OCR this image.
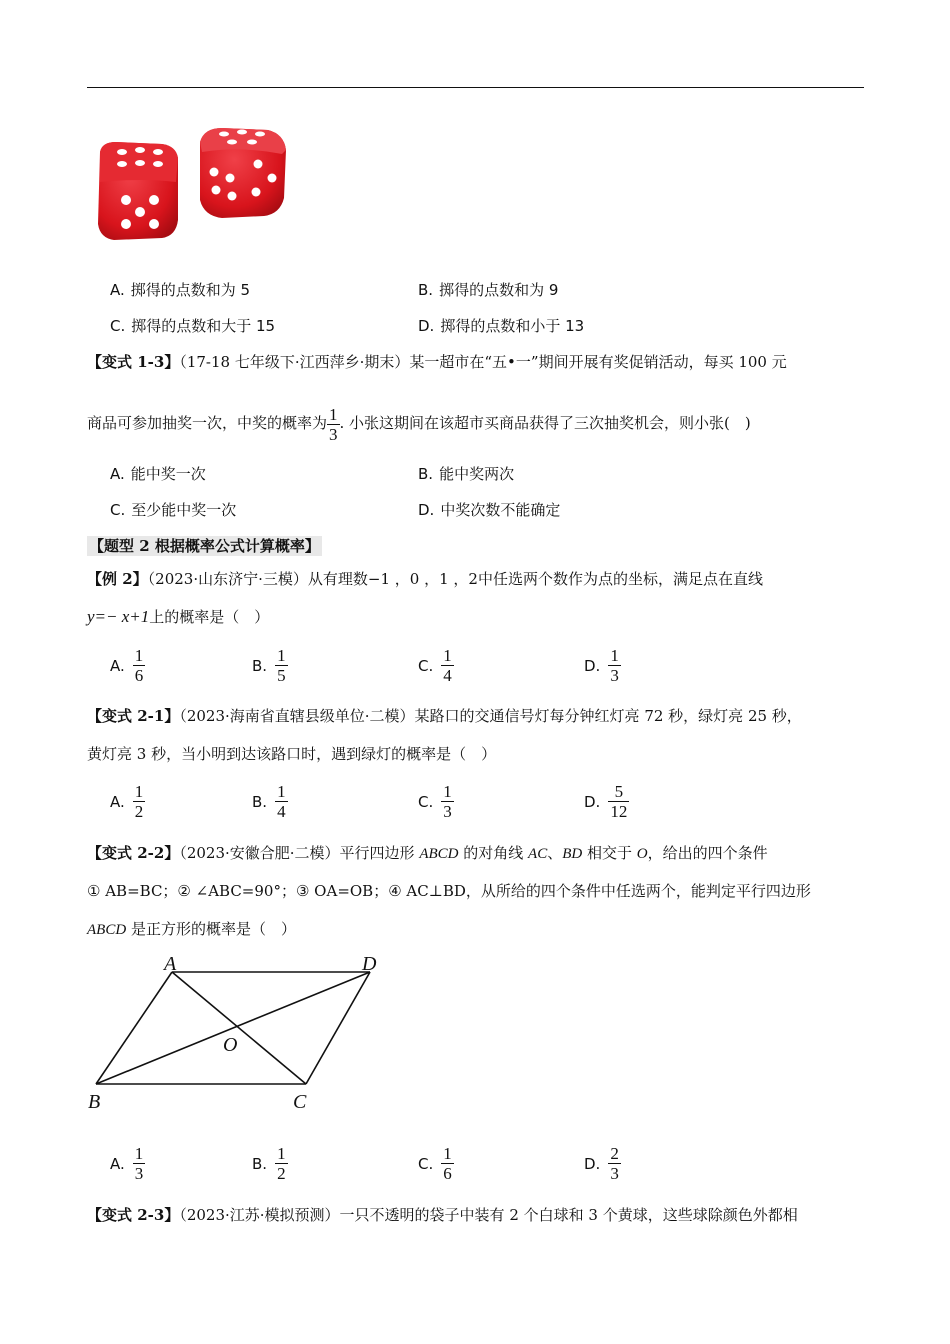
A. 掷得的点数和为 5	B. 掷得的点数和为 9
C. 掷得的点数和大于 15	D. 掷得的点数和小于 13
【变式 1-3】（17-18 七年级下·江西萍乡·期末）某一超市在“五•一”期间开展有奖促销活动，每买 100 元
商品可参加抽奖一次，中奖的概率为 $\frac{1}{3}$ . 小张这期间在该超市买商品获得了三次抽奖机会，则小张(　)
A. 能中奖一次	B. 能中奖两次
C. 至少能中奖一次	D. 中奖次数不能确定
【题型 2 根据概率公式计算概率】
【例 2】（2023·山东济宁·三模）从有理数−1 ，0 ，1 ，2中任选两个数作为点的坐标，满足点在直线
y=− x+1上的概率是（　）
A. $\frac{1}{6}$	B. $\frac{1}{5}$	C. $\frac{1}{4}$	D. $\frac{1}{3}$
【变式 2-1】（2023·海南省直辖县级单位·二模）某路口的交通信号灯每分钟红灯亮 72 秒，绿灯亮 25 秒，
黄灯亮 3 秒，当小明到达该路口时，遇到绿灯的概率是（　）
A. $\frac{1}{2}$	B. $\frac{1}{4}$	C. $\frac{1}{3}$	D. $\frac{5}{12}$
【变式 2-2】（2023·安徽合肥·二模）平行四边形 ABCD 的对角线 AC、BD 相交于 O，给出的四个条件
① AB=BC；② ∠ABC=90°；③ OA=OB；④ AC⊥BD，从所给的四个条件中任选两个，能判定平行四边形
ABCD 是正方形的概率是（　）
A	D
O
B	C
A. $\frac{1}{3}$	B. $\frac{1}{2}$	C. $\frac{1}{6}$	D. $\frac{2}{3}$
【变式 2-3】（2023·江苏·模拟预测）一只不透明的袋子中装有 2 个白球和 3 个黄球，这些球除颜色外都相
